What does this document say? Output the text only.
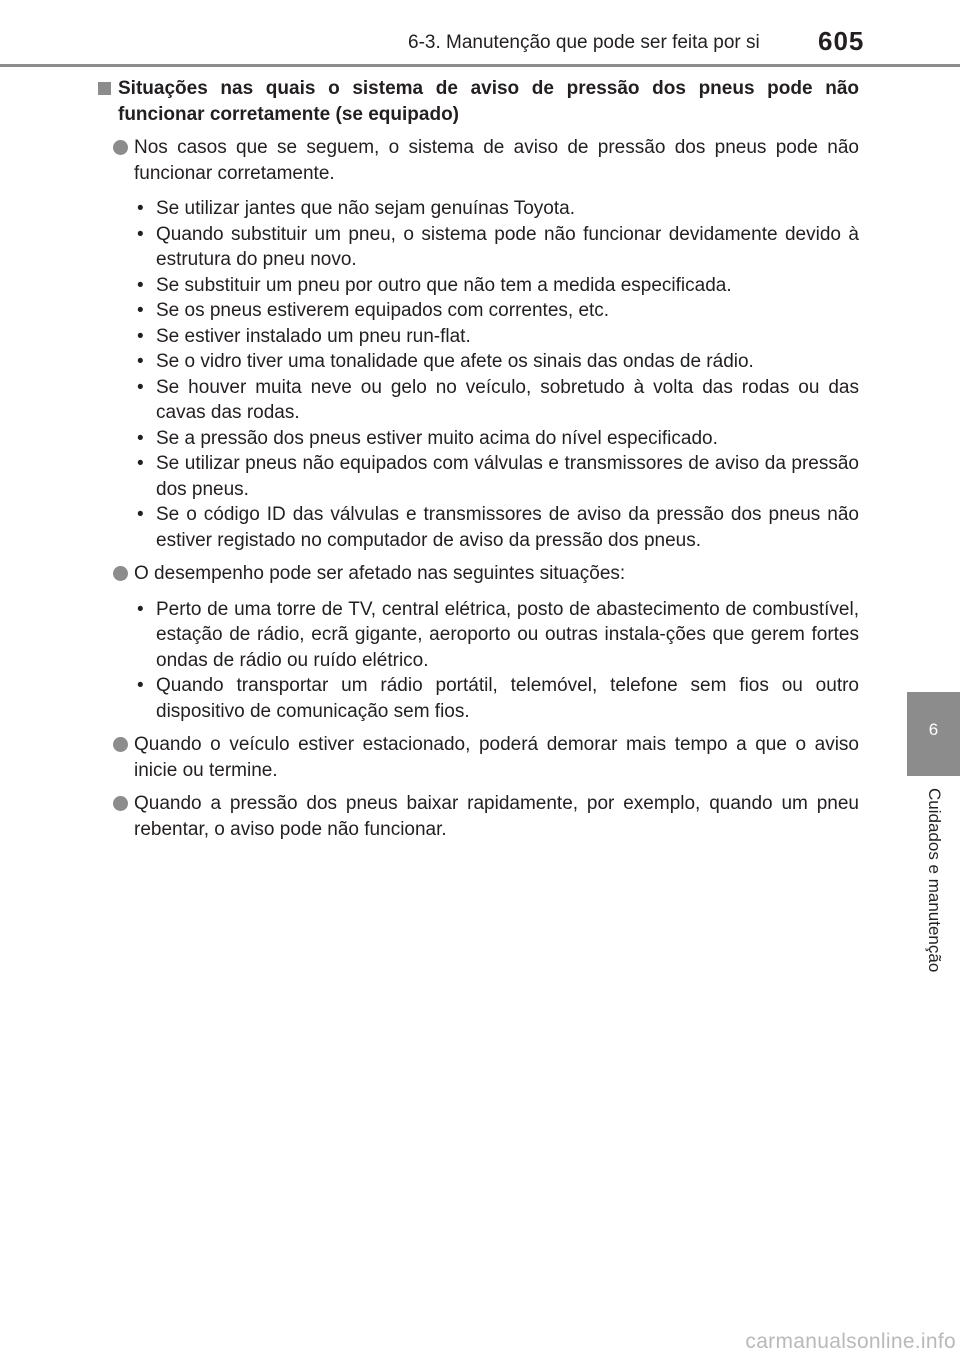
6-3. Manutenção que pode ser feita por si	605
6
Cuidados e manutenção
Situações nas quais o sistema de aviso de pressão dos pneus pode não funcionar corretamente (se equipado)
Nos casos que se seguem, o sistema de aviso de pressão dos pneus pode não funcionar corretamente.
• Se utilizar jantes que não sejam genuínas Toyota.
• Quando substituir um pneu, o sistema pode não funcionar devidamente devido à estrutura do pneu novo.
• Se substituir um pneu por outro que não tem a medida especificada.
• Se os pneus estiverem equipados com correntes, etc.
• Se estiver instalado um pneu run-flat.
• Se o vidro tiver uma tonalidade que afete os sinais das ondas de rádio.
• Se houver muita neve ou gelo no veículo, sobretudo à volta das rodas ou das cavas das rodas.
• Se a pressão dos pneus estiver muito acima do nível especificado.
• Se utilizar pneus não equipados com válvulas e transmissores de aviso da pressão dos pneus.
• Se o código ID das válvulas e transmissores de aviso da pressão dos pneus não estiver registado no computador de aviso da pressão dos pneus.
O desempenho pode ser afetado nas seguintes situações:
• Perto de uma torre de TV, central elétrica, posto de abastecimento de combustível, estação de rádio, ecrã gigante, aeroporto ou outras instala-ções que gerem fortes ondas de rádio ou ruído elétrico.
• Quando transportar um rádio portátil, telemóvel, telefone sem fios ou outro dispositivo de comunicação sem fios.
Quando o veículo estiver estacionado, poderá demorar mais tempo a que o aviso inicie ou termine.
Quando a pressão dos pneus baixar rapidamente, por exemplo, quando um pneu rebentar, o aviso pode não funcionar.
carmanualsonline.info
